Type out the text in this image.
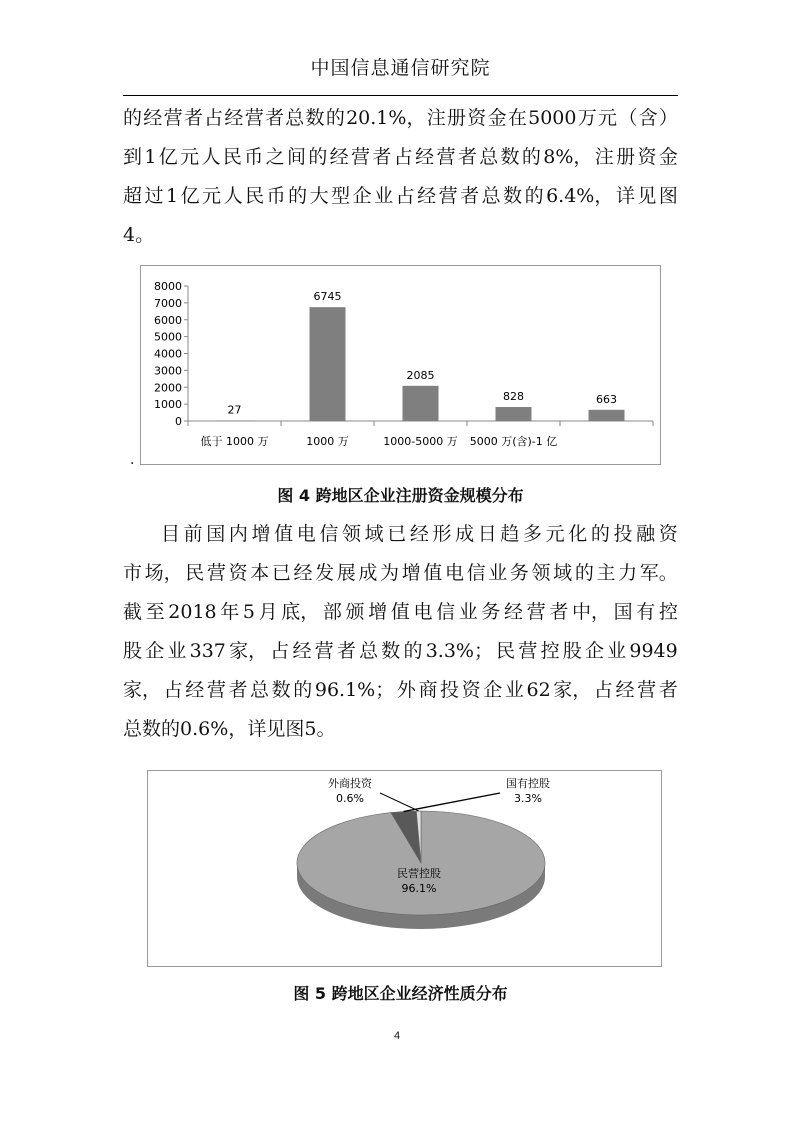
中国信息通信研究院
的 经 营 者 占 经 营 者 总 数 的 20.1%， 注 册 资 金 在 5000 万 元 （ 含 ）
到 1 亿 元 人 民 币 之 间 的 经 营 者 占 经 营 者 总 数 的 8%， 注 册 资 金
超 过 1 亿 元 人 民 币 的 大 型 企 业 占 经 营 者 总 数 的 6.4%， 详 见 图
4。
0
1000
2000
3000
4000
5000
6000
7000
8000
27
低于 1000 万
6745
1000 万
2085
1000-5000 万
828
5000 万(含)-1 亿
663
.
图 4 跨地区企业注册资金规模分布
目 前 国 内 增 值 电 信 领 域 已 经 形 成 日 趋 多 元 化 的 投 融 资
市 场， 民 营 资 本 已 经 发 展 成 为 增 值 电 信 业 务 领 域 的 主 力 军。
截 至 2018 年 5 月 底， 部 颁 增 值 电 信 业 务 经 营 者 中， 国 有 控
股 企 业 337 家， 占 经 营 者 总 数 的 3.3%； 民 营 控 股 企 业 9949
家， 占 经 营 者 总 数 的 96.1%； 外 商 投 资 企 业 62 家， 占 经 营 者
总 数 的 0.6%， 详 见 图 5。
民营控股
96.1%
国有控股
3.3%
外商投资
0.6%
图 5 跨地区企业经济性质分布
4
